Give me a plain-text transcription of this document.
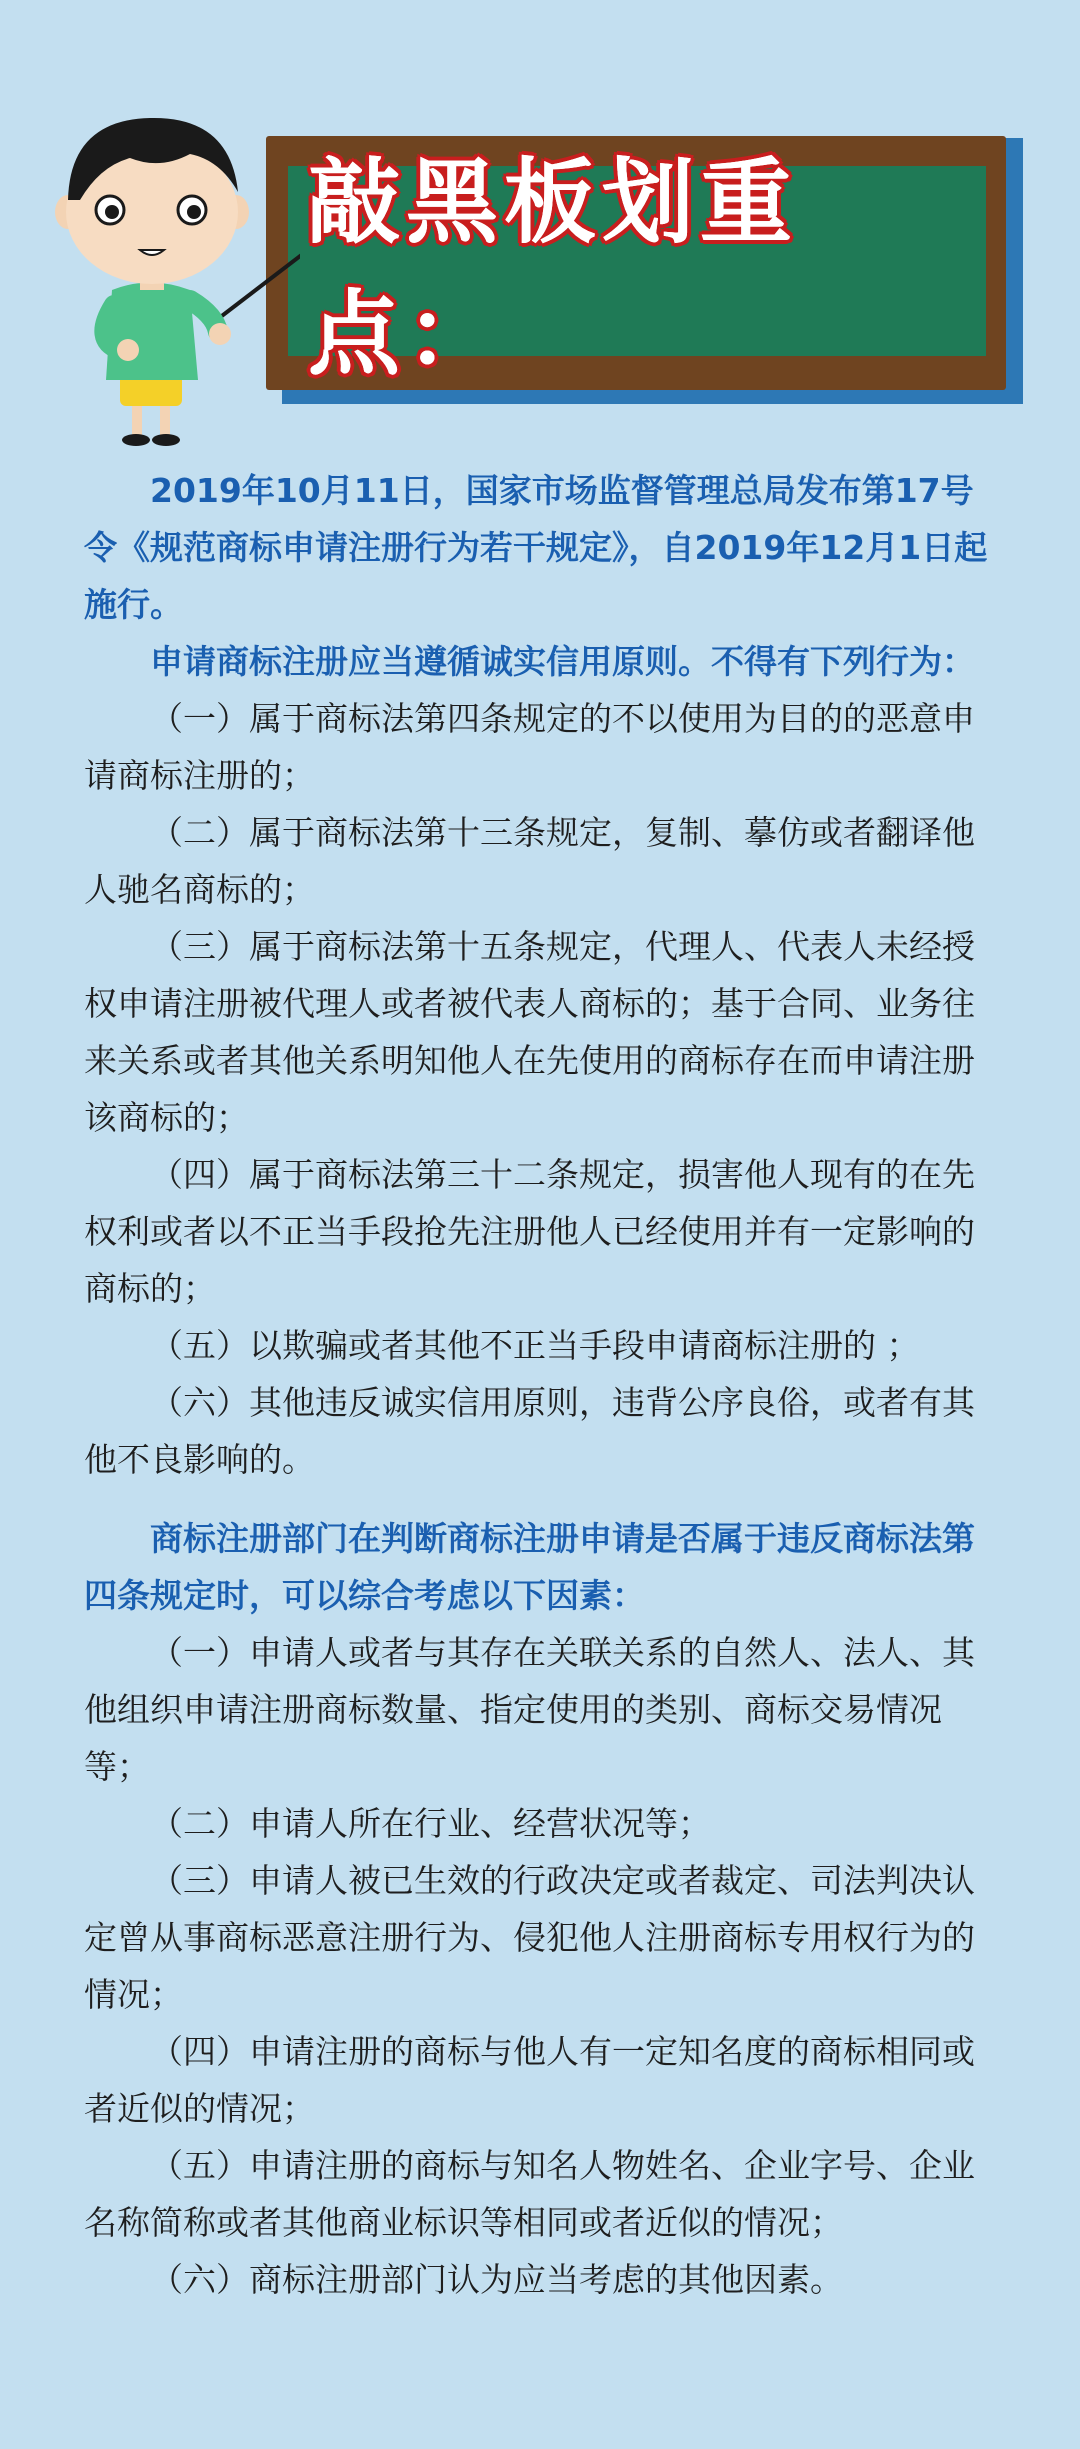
敲黑板划重点：

2019年10月11日，国家市场监督管理总局发布第17号令《规范商标申请注册行为若干规定》，自2019年12月1日起施行。

申请商标注册应当遵循诚实信用原则。不得有下列行为：

（一）属于商标法第四条规定的不以使用为目的的恶意申请商标注册的；

（二）属于商标法第十三条规定，复制、摹仿或者翻译他人驰名商标的；

（三）属于商标法第十五条规定，代理人、代表人未经授权申请注册被代理人或者被代表人商标的；基于合同、业务往来关系或者其他关系明知他人在先使用的商标存在而申请注册该商标的；

（四）属于商标法第三十二条规定，损害他人现有的在先权利或者以不正当手段抢先注册他人已经使用并有一定影响的商标的；

（五）以欺骗或者其他不正当手段申请商标注册的 ；

（六）其他违反诚实信用原则，违背公序良俗，或者有其他不良影响的。

商标注册部门在判断商标注册申请是否属于违反商标法第四条规定时，可以综合考虑以下因素：

（一）申请人或者与其存在关联关系的自然人、法人、其他组织申请注册商标数量、指定使用的类别、商标交易情况等；

（二）申请人所在行业、经营状况等；

（三）申请人被已生效的行政决定或者裁定、司法判决认定曾从事商标恶意注册行为、侵犯他人注册商标专用权行为的情况；

（四）申请注册的商标与他人有一定知名度的商标相同或者近似的情况；

（五）申请注册的商标与知名人物姓名、企业字号、企业名称简称或者其他商业标识等相同或者近似的情况；

（六）商标注册部门认为应当考虑的其他因素。
